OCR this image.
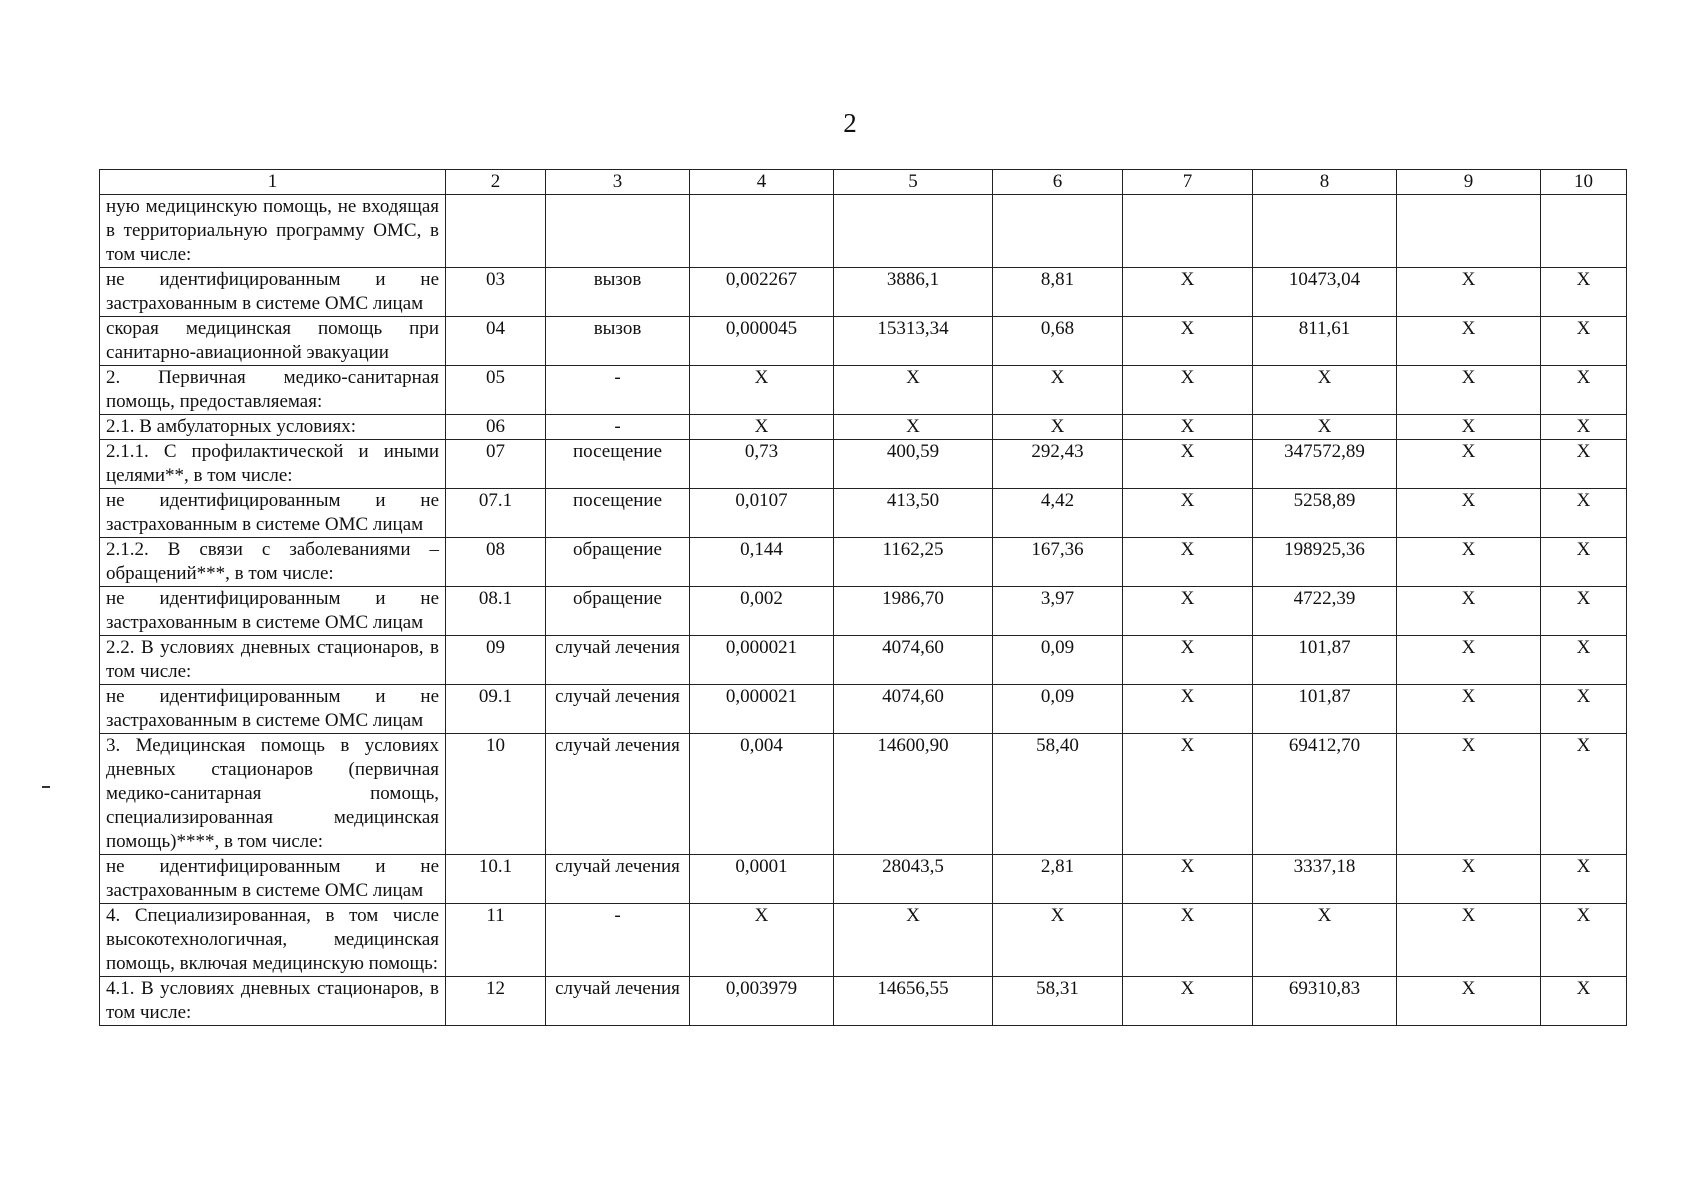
2
1	2	3	4	5	6	7	8	9	10
ную медицинскую помощь, не входящая в территориальную программу ОМС, в том числе:									
не идентифицированным и не застрахованным в системе ОМС лицам	03	вызов	0,002267	3886,1	8,81	Х	10473,04	Х	Х
скорая медицинская помощь при санитарно-авиационной эвакуации	04	вызов	0,000045	15313,34	0,68	Х	811,61	Х	Х
2. Первичная медико-санитарная помощь, предоставляемая:	05	-	Х	Х	Х	Х	Х	Х	Х
2.1. В амбулаторных условиях:	06	-	Х	Х	Х	Х	Х	Х	Х
2.1.1. С профилактической и иными целями**, в том числе:	07	посещение	0,73	400,59	292,43	Х	347572,89	Х	Х
не идентифицированным и не застрахованным в системе ОМС лицам	07.1	посещение	0,0107	413,50	4,42	Х	5258,89	Х	Х
2.1.2. В связи с заболеваниями – обращений***, в том числе:	08	обращение	0,144	1162,25	167,36	Х	198925,36	Х	Х
не идентифицированным и не застрахованным в системе ОМС лицам	08.1	обращение	0,002	1986,70	3,97	Х	4722,39	Х	Х
2.2. В условиях дневных стационаров, в том числе:	09	случай лечения	0,000021	4074,60	0,09	Х	101,87	Х	Х
не идентифицированным и не застрахованным в системе ОМС лицам	09.1	случай лечения	0,000021	4074,60	0,09	Х	101,87	Х	Х
3. Медицинская помощь в условиях дневных стационаров (первичная медико-санитарная помощь, специализированная медицинская помощь)****, в том числе:	10	случай лечения	0,004	14600,90	58,40	Х	69412,70	Х	Х
не идентифицированным и не застрахованным в системе ОМС лицам	10.1	случай лечения	0,0001	28043,5	2,81	Х	3337,18	Х	Х
4. Специализированная, в том числе высокотехнологичная, медицинская помощь, включая медицинскую помощь:	11	-	Х	Х	Х	Х	Х	Х	Х
4.1. В условиях дневных стационаров, в том числе:	12	случай лечения	0,003979	14656,55	58,31	Х	69310,83	Х	Х
